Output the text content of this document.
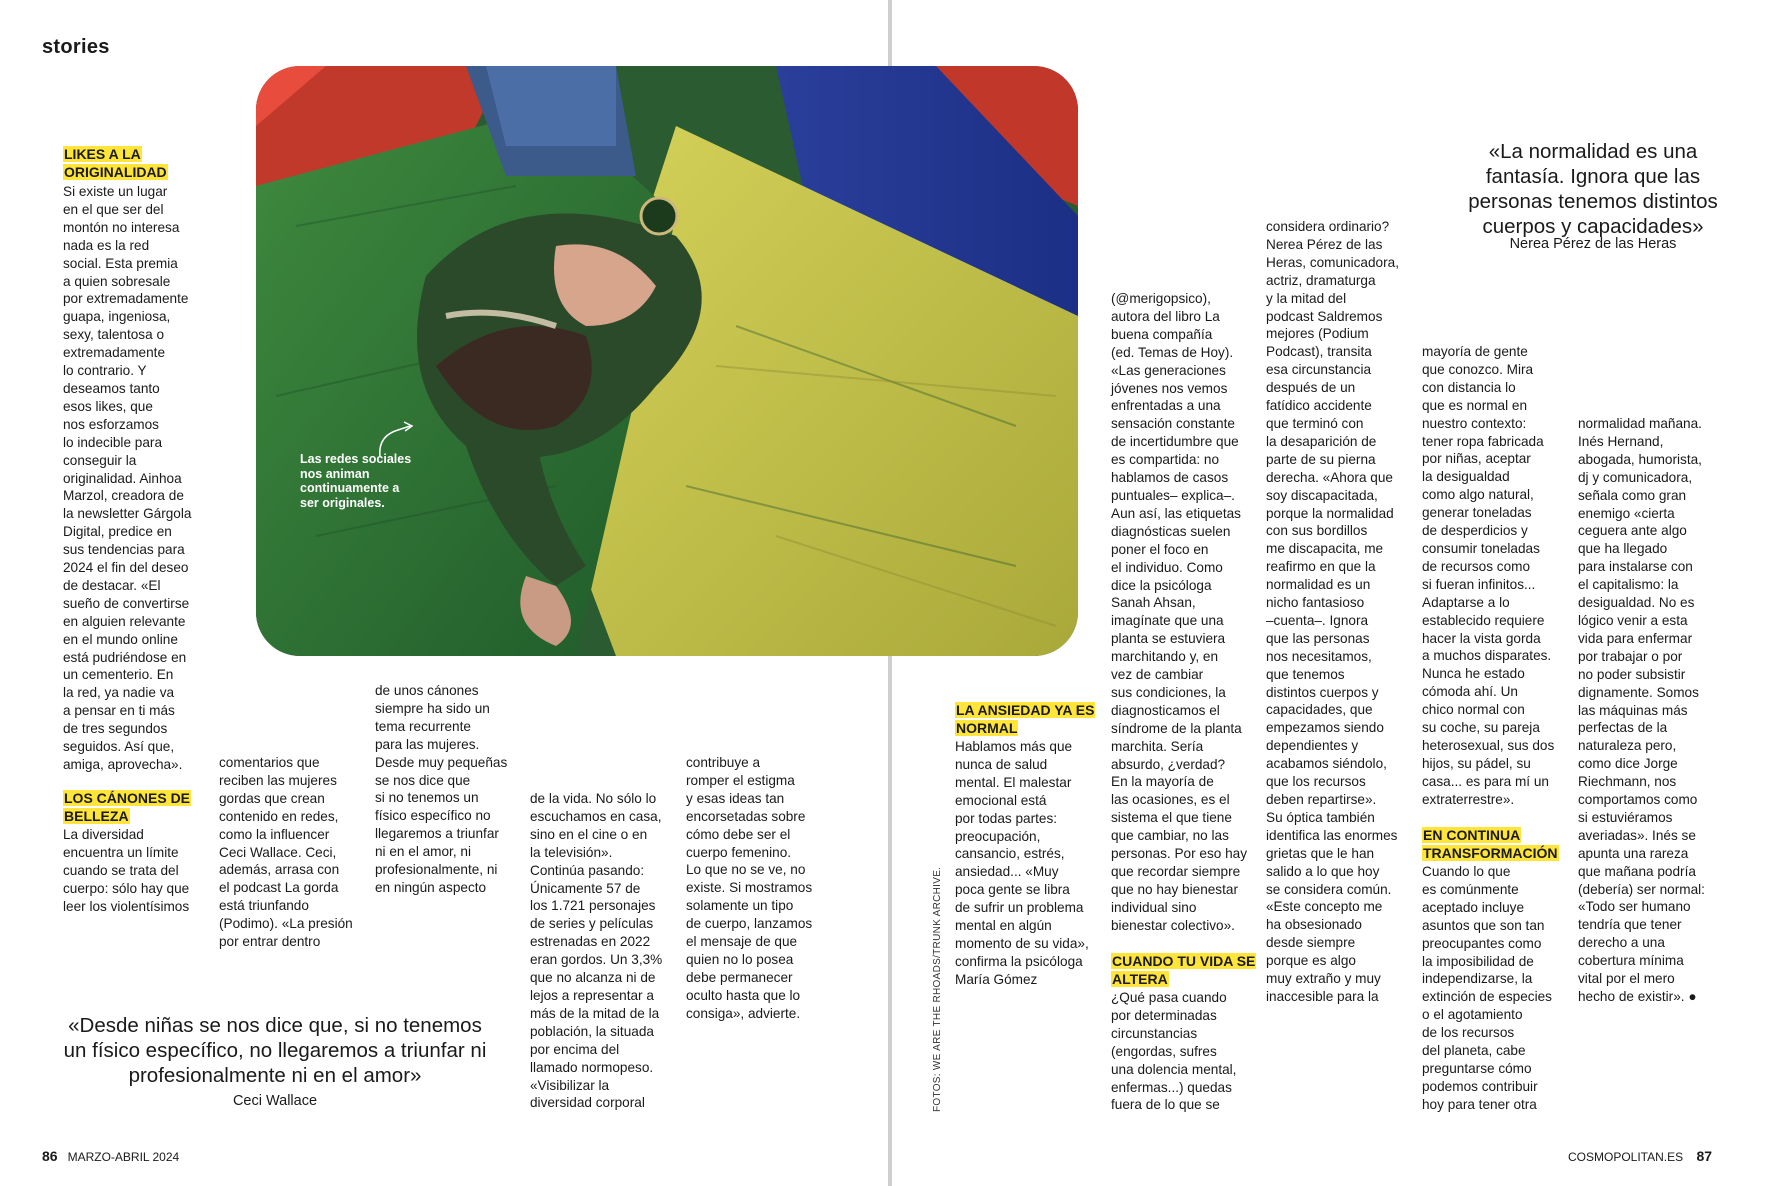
stories
Las redes sociales nos animan continuamente a ser originales.
LIKES A LA ORIGINALIDAD
Si existe un lugar
en el que ser del
montón no interesa
nada es la red
social. Esta premia
a quien sobresale
por extremadamente
guapa, ingeniosa,
sexy, talentosa o
extremadamente
lo contrario. Y
deseamos tanto
esos likes, que
nos esforzamos
lo indecible para
conseguir la
originalidad. Ainhoa
Marzol, creadora de
la newsletter Gárgola
Digital, predice en
sus tendencias para
2024 el fin del deseo
de destacar. «El
sueño de convertirse
en alguien relevante
en el mundo online
está pudriéndose en
un cementerio. En
la red, ya nadie va
a pensar en ti más
de tres segundos
seguidos. Así que,
amiga, aprovecha».
LOS CÁNONES DE BELLEZA
La diversidad
encuentra un límite
cuando se trata del
cuerpo: sólo hay que
leer los violentísimos
comentarios que
reciben las mujeres
gordas que crean
contenido en redes,
como la influencer
Ceci Wallace. Ceci,
además, arrasa con
el podcast La gorda
está triunfando
(Podimo). «La presión
por entrar dentro
de unos cánones
siempre ha sido un
tema recurrente
para las mujeres.
Desde muy pequeñas
se nos dice que
si no tenemos un
físico específico no
llegaremos a triunfar
ni en el amor, ni
profesionalmente, ni
en ningún aspecto
de la vida. No sólo lo
escuchamos en casa,
sino en el cine o en
la televisión».
Continúa pasando:
Únicamente 57 de
los 1.721 personajes
de series y películas
estrenadas en 2022
eran gordos. Un 3,3%
que no alcanza ni de
lejos a representar a
más de la mitad de la
población, la situada
por encima del
llamado normopeso.
«Visibilizar la
diversidad corporal
contribuye a
romper el estigma
y esas ideas tan
encorsetadas sobre
cómo debe ser el
cuerpo femenino.
Lo que no se ve, no
existe. Si mostramos
solamente un tipo
de cuerpo, lanzamos
el mensaje de que
quien no lo posea
debe permanecer
oculto hasta que lo
consiga», advierte.
«Desde niñas se nos dice que, si no tenemos un físico específico, no llegaremos a triunfar ni profesionalmente ni en el amor»
Ceci Wallace
86 MARZO-ABRIL 2024
«La normalidad es una fantasía. Ignora que las personas tenemos distintos cuerpos y capacidades»
Nerea Pérez de las Heras
FOTOS: WE ARE THE RHOADS/TRUNK ARCHIVE.
LA ANSIEDAD YA ES NORMAL
Hablamos más que
nunca de salud
mental. El malestar
emocional está
por todas partes:
preocupación,
cansancio, estrés,
ansiedad... «Muy
poca gente se libra
de sufrir un problema
mental en algún
momento de su vida»,
confirma la psicóloga
María Gómez
(@merigopsico),
autora del libro La
buena compañía
(ed. Temas de Hoy).
«Las generaciones
jóvenes nos vemos
enfrentadas a una
sensación constante
de incertidumbre que
es compartida: no
hablamos de casos
puntuales– explica–.
Aun así, las etiquetas
diagnósticas suelen
poner el foco en
el individuo. Como
dice la psicóloga
Sanah Ahsan,
imagínate que una
planta se estuviera
marchitando y, en
vez de cambiar
sus condiciones, la
diagnosticamos el
síndrome de la planta
marchita. Sería
absurdo, ¿verdad?
En la mayoría de
las ocasiones, es el
sistema el que tiene
que cambiar, no las
personas. Por eso hay
que recordar siempre
que no hay bienestar
individual sino
bienestar colectivo».
CUANDO TU VIDA SE ALTERA
¿Qué pasa cuando
por determinadas
circunstancias
(engordas, sufres
una dolencia mental,
enfermas...) quedas
fuera de lo que se
considera ordinario?
Nerea Pérez de las
Heras, comunicadora,
actriz, dramaturga
y la mitad del
podcast Saldremos
mejores (Podium
Podcast), transita
esa circunstancia
después de un
fatídico accidente
que terminó con
la desaparición de
parte de su pierna
derecha. «Ahora que
soy discapacitada,
porque la normalidad
con sus bordillos
me discapacita, me
reafirmo en que la
normalidad es un
nicho fantasioso
–cuenta–. Ignora
que las personas
nos necesitamos,
que tenemos
distintos cuerpos y
capacidades, que
empezamos siendo
dependientes y
acabamos siéndolo,
que los recursos
deben repartirse».
Su óptica también
identifica las enormes
grietas que le han
salido a lo que hoy
se considera común.
«Este concepto me
ha obsesionado
desde siempre
porque es algo
muy extraño y muy
inaccesible para la
mayoría de gente
que conozco. Mira
con distancia lo
que es normal en
nuestro contexto:
tener ropa fabricada
por niñas, aceptar
la desigualdad
como algo natural,
generar toneladas
de desperdicios y
consumir toneladas
de recursos como
si fueran infinitos...
Adaptarse a lo
establecido requiere
hacer la vista gorda
a muchos disparates.
Nunca he estado
cómoda ahí. Un
chico normal con
su coche, su pareja
heterosexual, sus dos
hijos, su pádel, su
casa... es para mí un
extraterrestre».
EN CONTINUA TRANSFORMACIÓN
Cuando lo que
es comúnmente
aceptado incluye
asuntos que son tan
preocupantes como
la imposibilidad de
independizarse, la
extinción de especies
o el agotamiento
de los recursos
del planeta, cabe
preguntarse cómo
podemos contribuir
hoy para tener otra
normalidad mañana.
Inés Hernand,
abogada, humorista,
dj y comunicadora,
señala como gran
enemigo «cierta
ceguera ante algo
que ha llegado
para instalarse con
el capitalismo: la
desigualdad. No es
lógico venir a esta
vida para enfermar
por trabajar o por
no poder subsistir
dignamente. Somos
las máquinas más
perfectas de la
naturaleza pero,
como dice Jorge
Riechmann, nos
comportamos como
si estuviéramos
averiadas». Inés se
apunta una rareza
que mañana podría
(debería) ser normal:
«Todo ser humano
tendría que tener
derecho a una
cobertura mínima
vital por el mero
hecho de existir». ●
COSMOPOLITAN.ES 87
